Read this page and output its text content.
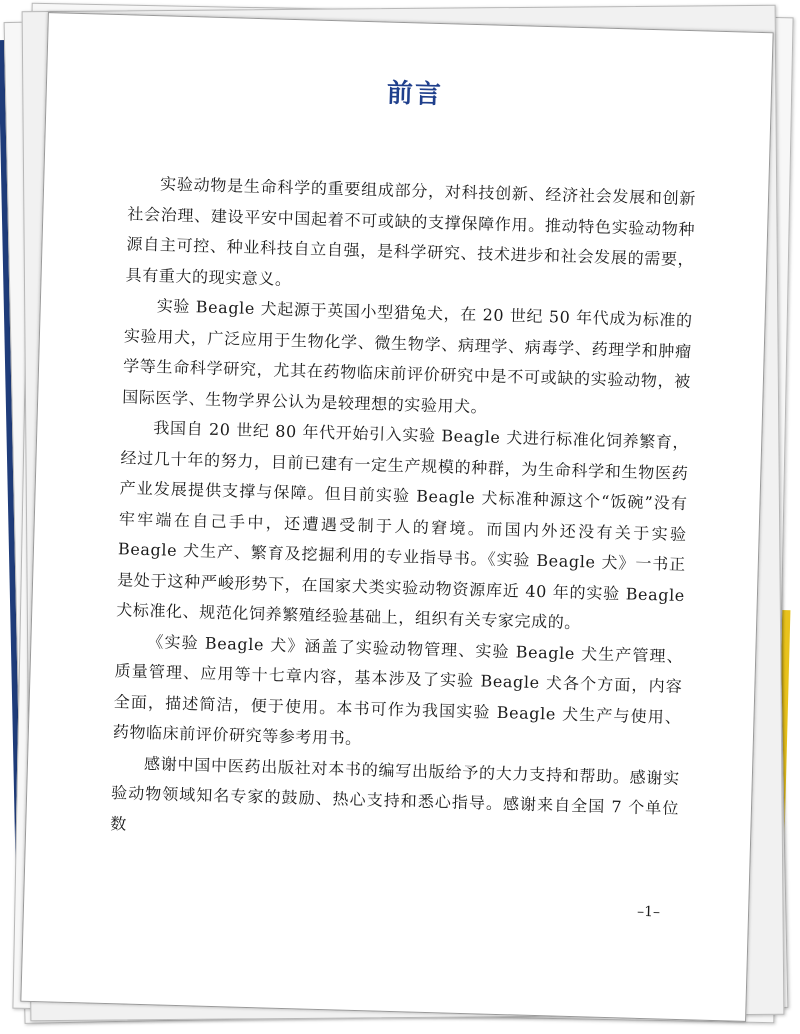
前言

实验动物是生命科学的重要组成部分，对科技创新、经济社会发展和创新社会治理、建设平安中国起着不可或缺的支撑保障作用。推动特色实验动物种源自主可控、种业科技自立自强，是科学研究、技术进步和社会发展的需要，具有重大的现实意义。

实验 Beagle 犬起源于英国小型猎兔犬，在 20 世纪 50 年代成为标准的实验用犬，广泛应用于生物化学、微生物学、病理学、病毒学、药理学和肿瘤学等生命科学研究，尤其在药物临床前评价研究中是不可或缺的实验动物，被国际医学、生物学界公认为是较理想的实验用犬。

我国自 20 世纪 80 年代开始引入实验 Beagle 犬进行标准化饲养繁育，经过几十年的努力，目前已建有一定生产规模的种群，为生命科学和生物医药产业发展提供支撑与保障。但目前实验 Beagle 犬标准种源这个“饭碗”没有牢牢端在自己手中，还遭遇受制于人的窘境。而国内外还没有关于实验 Beagle 犬生产、繁育及挖掘利用的专业指导书。《实验 Beagle 犬》一书正是处于这种严峻形势下，在国家犬类实验动物资源库近 40 年的实验 Beagle 犬标准化、规范化饲养繁殖经验基础上，组织有关专家完成的。

《实验 Beagle 犬》涵盖了实验动物管理、实验 Beagle 犬生产管理、质量管理、应用等十七章内容，基本涉及了实验 Beagle 犬各个方面，内容全面，描述简洁，便于使用。本书可作为我国实验 Beagle 犬生产与使用、药物临床前评价研究等参考用书。

感谢中国中医药出版社对本书的编写出版给予的大力支持和帮助。感谢实验动物领域知名专家的鼓励、热心支持和悉心指导。感谢来自全国 7 个单位数

–1–
